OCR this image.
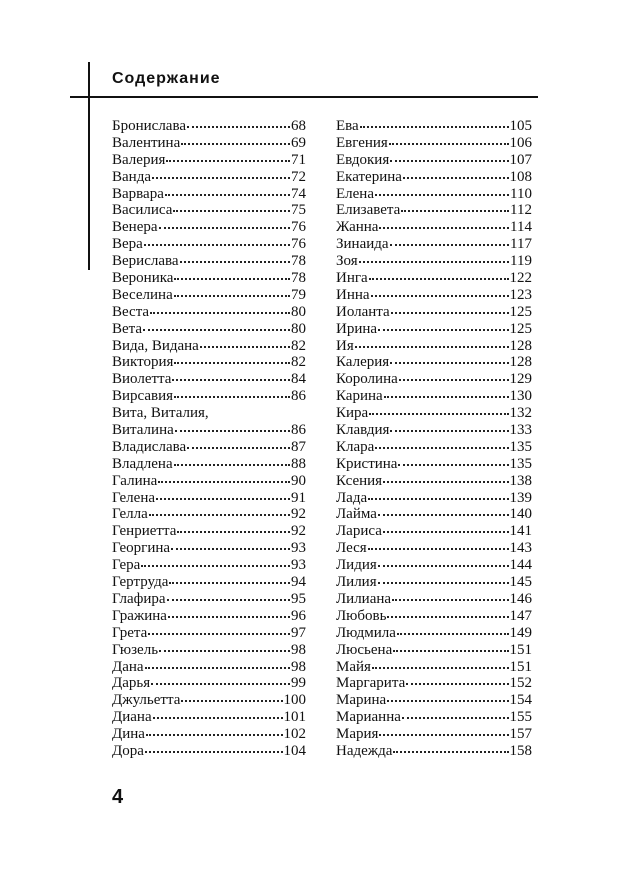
Содержание
Бронислава	68
Валентина	69
Валерия	71
Ванда	72
Варвара	74
Василиса	75
Венера	76
Вера	76
Верислава	78
Вероника	78
Веселина	79
Веста	80
Вета	80
Вида, Видана	82
Виктория	82
Виолетта	84
Вирсавия	86
Вита, Виталия,
Виталина	86
Владислава	87
Владлена	88
Галина	90
Гелена	91
Гелла	92
Генриетта	92
Георгина	93
Гера	93
Гертруда	94
Глафира	95
Гражина	96
Грета	97
Гюзель	98
Дана	98
Дарья	99
Джульетта	100
Диана	101
Дина	102
Дора	104
Ева	105
Евгения	106
Евдокия	107
Екатерина	108
Елена	110
Елизавета	112
Жанна	114
Зинаида	117
Зоя	119
Инга	122
Инна	123
Иоланта	125
Ирина	125
Ия	128
Калерия	128
Королина	129
Карина	130
Кира	132
Клавдия	133
Клара	135
Кристина	135
Ксения	138
Лада	139
Лайма	140
Лариса	141
Леся	143
Лидия	144
Лилия	145
Лилиана	146
Любовь	147
Людмила	149
Люсьена	151
Майя	151
Маргарита	152
Марина	154
Марианна	155
Мария	157
Надежда	158
4
